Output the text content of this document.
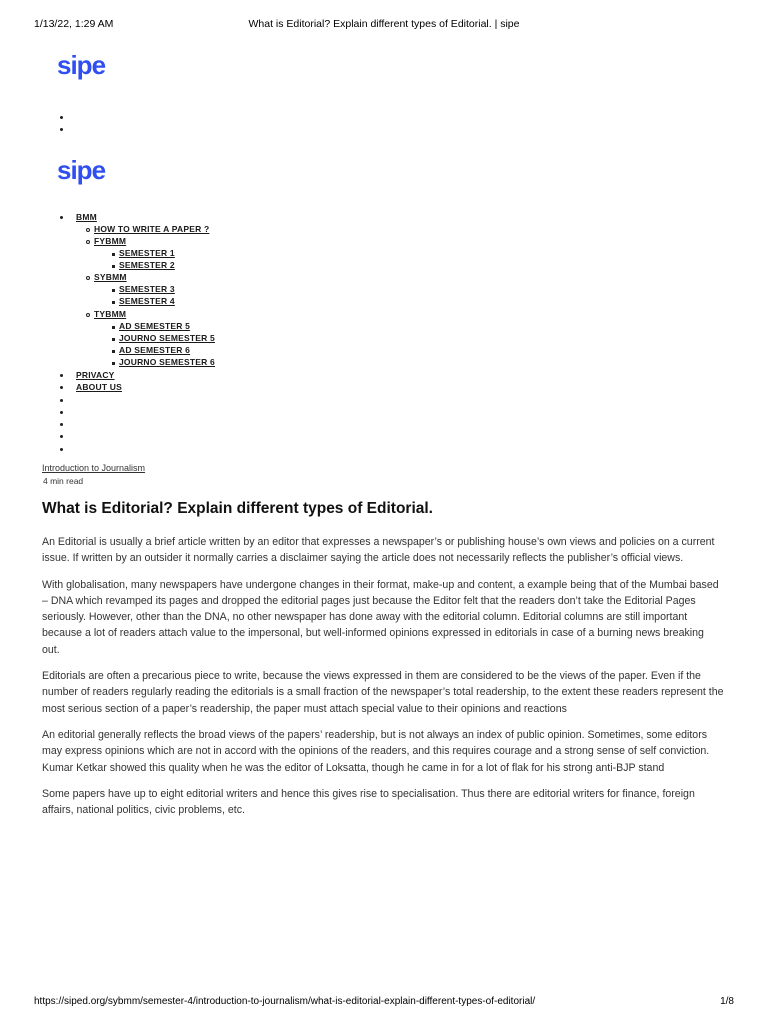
1/13/22, 1:29 AM	What is Editorial? Explain different types of Editorial. | sipe
sipe
sipe
BMM
HOW TO WRITE A PAPER ?
FYBMM
SEMESTER 1
SEMESTER 2
SYBMM
SEMESTER 3
SEMESTER 4
TYBMM
AD SEMESTER 5
JOURNO SEMESTER 5
AD SEMESTER 6
JOURNO SEMESTER 6
PRIVACY
ABOUT US
Introduction to Journalism
4 min read
What is Editorial? Explain different types of Editorial.

An Editorial is usually a brief article written by an editor that expresses a newspaper’s or publishing house’s own views and policies on a current issue. If written by an outsider it normally carries a disclaimer saying the article does not necessarily reflects the publisher’s official views.

With globalisation, many newspapers have undergone changes in their format, make-up and content, a example being that of the Mumbai based – DNA which revamped its pages and dropped the editorial pages just because the Editor felt that the readers don’t take the Editorial Pages seriously. However, other than the DNA, no other newspaper has done away with the editorial column. Editorial columns are still important because a lot of readers attach value to the impersonal, but well-informed opinions expressed in editorials in case of a burning news breaking out.

Editorials are often a precarious piece to write, because the views expressed in them are considered to be the views of the paper. Even if the number of readers regularly reading the editorials is a small fraction of the newspaper’s total readership, to the extent these readers represent the most serious section of a paper’s readership, the paper must attach special value to their opinions and reactions

An editorial generally reflects the broad views of the papers’ readership, but is not always an index of public opinion. Sometimes, some editors may express opinions which are not in accord with the opinions of the readers, and this requires courage and a strong sense of self conviction. Kumar Ketkar showed this quality when he was the editor of Loksatta, though he came in for a lot of flak for his strong anti-BJP stand

Some papers have up to eight editorial writers and hence this gives rise to specialisation. Thus there are editorial writers for finance, foreign affairs, national politics, civic problems, etc.

https://siped.org/sybmm/semester-4/introduction-to-journalism/what-is-editorial-explain-different-types-of-editorial/	1/8
